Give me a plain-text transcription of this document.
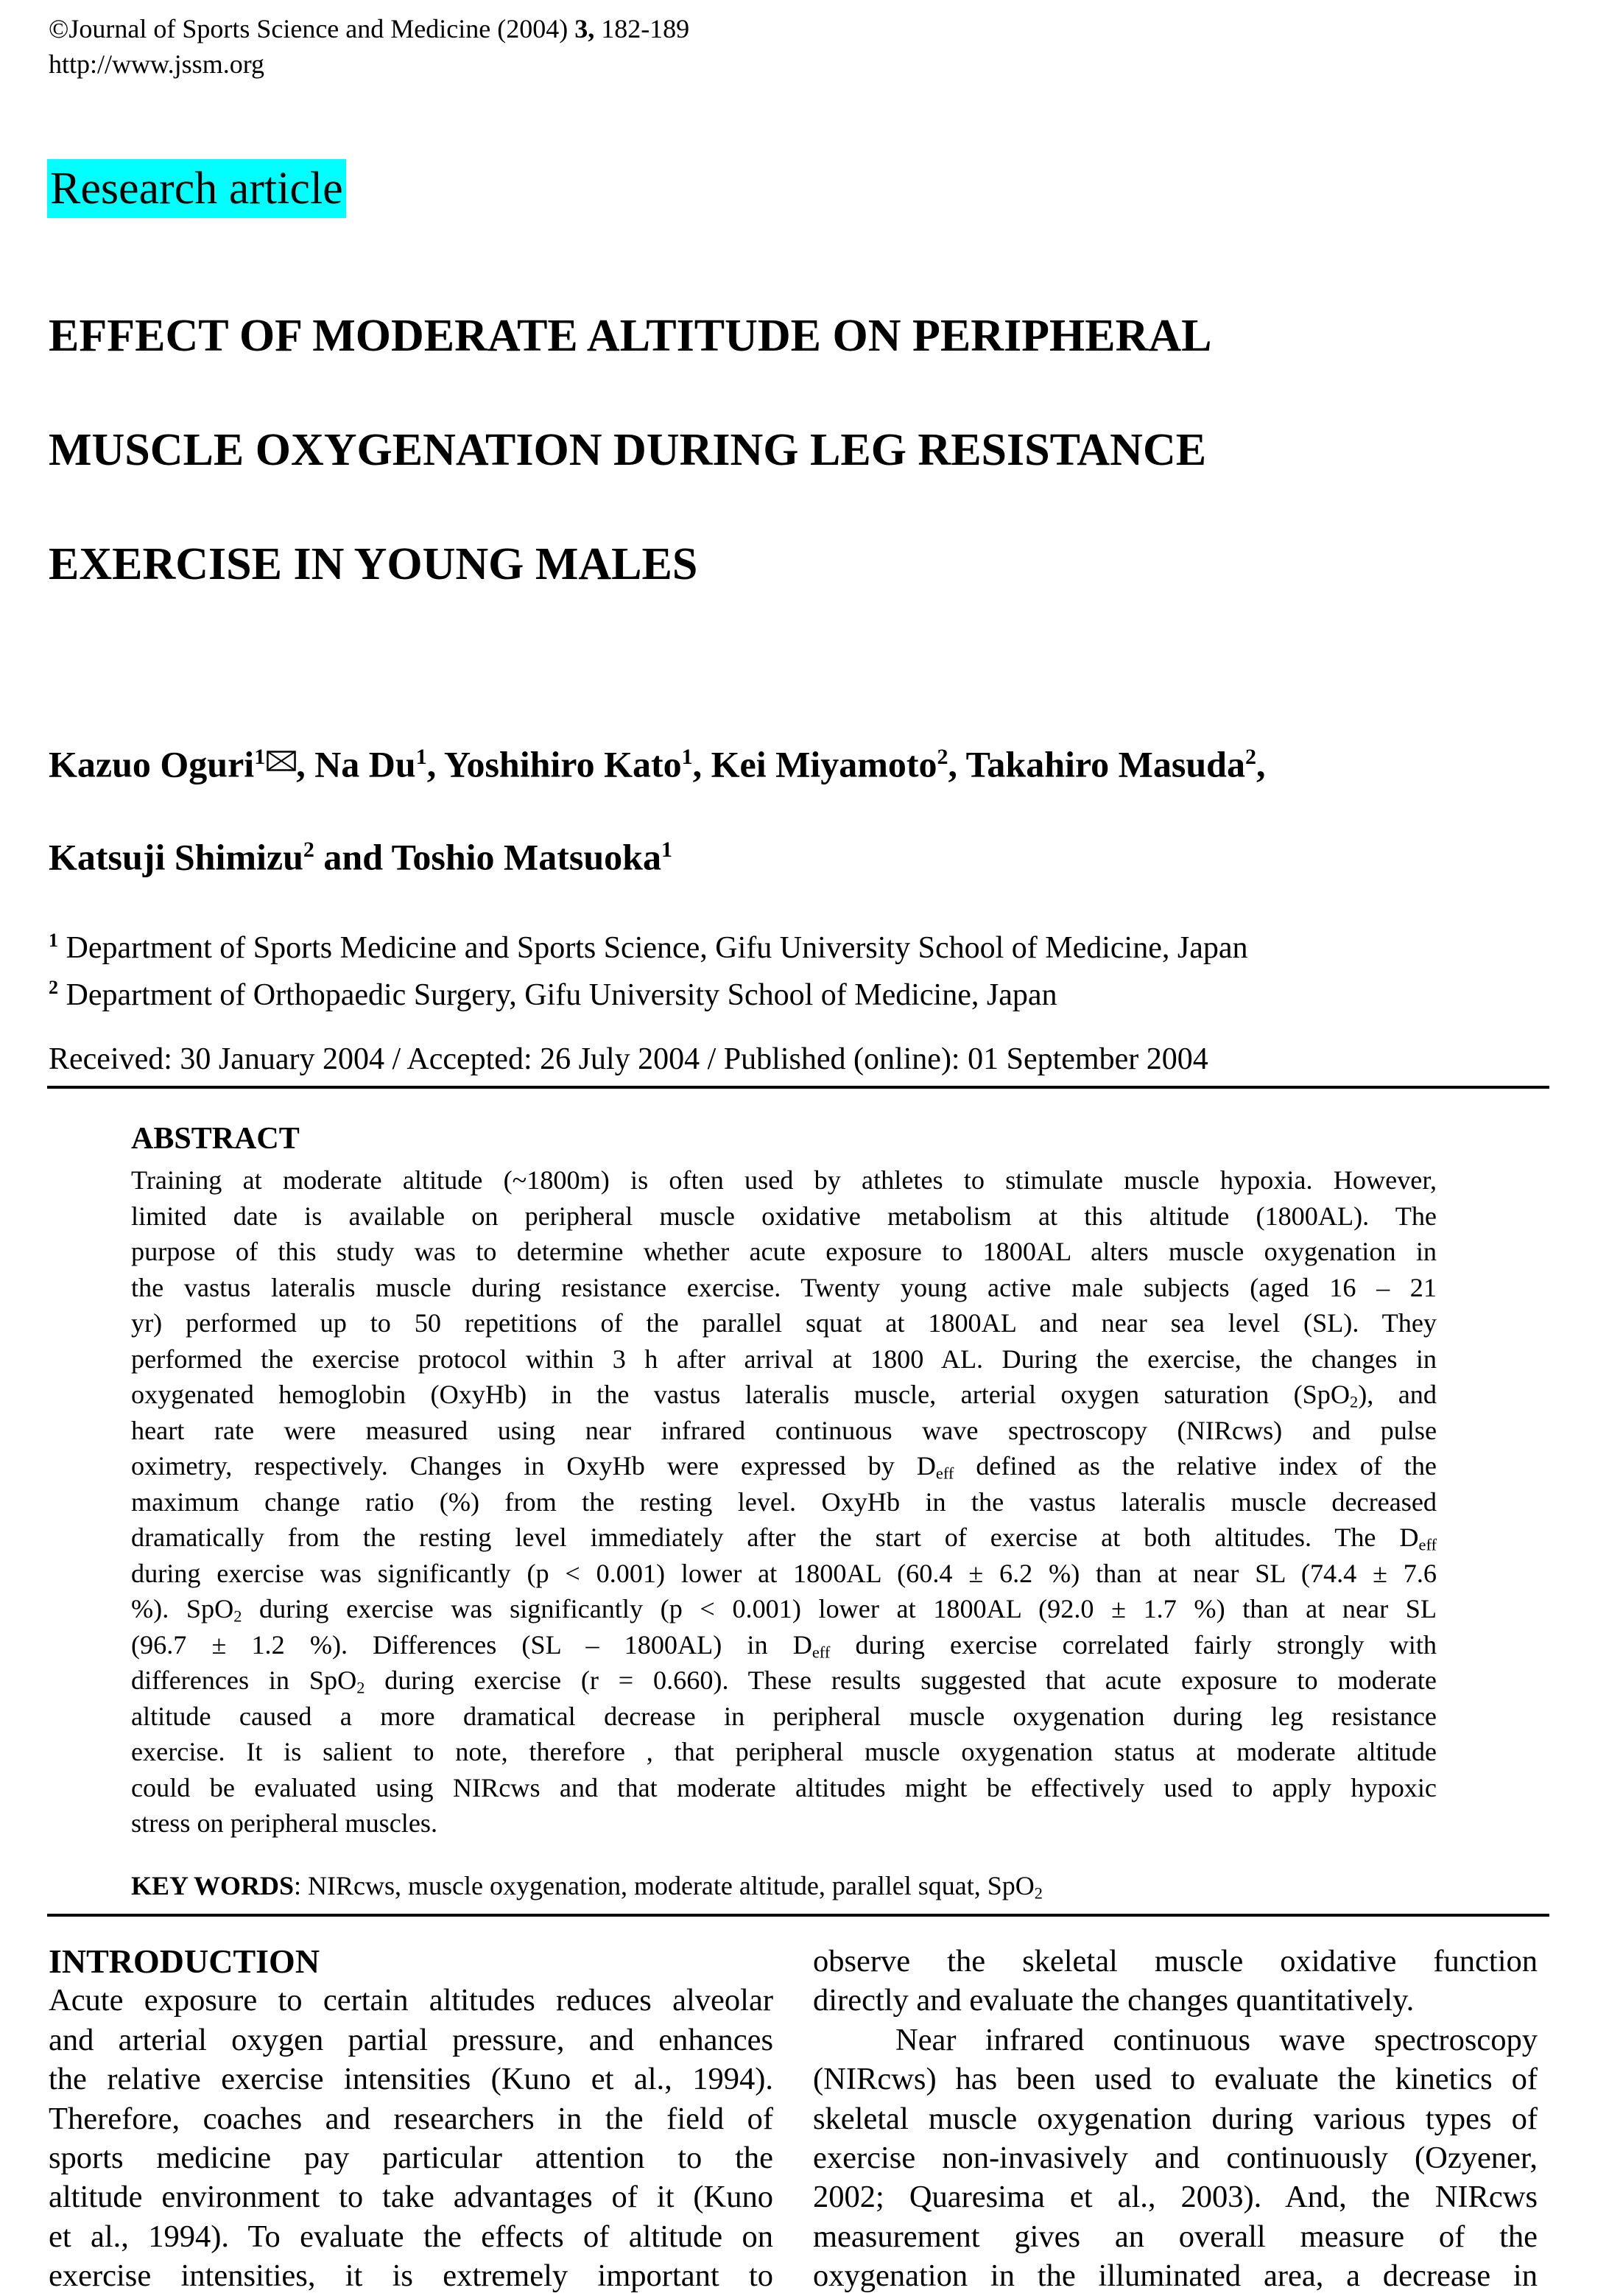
©Journal of Sports Science and Medicine (2004) 3, 182-189
http://www.jssm.org
Research article
EFFECT OF MODERATE ALTITUDE ON PERIPHERAL
MUSCLE OXYGENATION DURING LEG RESISTANCE
EXERCISE IN YOUNG MALES
Kazuo Oguri$^1$ , Na Du$^1$, Yoshihiro Kato$^1$, Kei Miyamoto$^2$, Takahiro Masuda$^2$,
Katsuji Shimizu$^2$ and Toshio Matsuoka$^1$
$^1$ Department of Sports Medicine and Sports Science, Gifu University School of Medicine, Japan
$^2$ Department of Orthopaedic Surgery, Gifu University School of Medicine, Japan
Received: 30 January 2004 / Accepted: 26 July 2004 / Published (online): 01 September 2004
ABSTRACT
Training at moderate altitude (~1800m) is often used by athletes to stimulate muscle hypoxia. However,
limited date is available on peripheral muscle oxidative metabolism at this altitude (1800AL). The
purpose of this study was to determine whether acute exposure to 1800AL alters muscle oxygenation in
the vastus lateralis muscle during resistance exercise. Twenty young active male subjects (aged 16 – 21
yr) performed up to 50 repetitions of the parallel squat at 1800AL and near sea level (SL). They
performed the exercise protocol within 3 h after arrival at 1800 AL. During the exercise, the changes in
oxygenated hemoglobin (OxyHb) in the vastus lateralis muscle, arterial oxygen saturation (SpO$_2$), and
heart rate were measured using near infrared continuous wave spectroscopy (NIRcws) and pulse
oximetry, respectively. Changes in OxyHb were expressed by $D_{eff}$ defined as the relative index of the
maximum change ratio (%) from the resting level. OxyHb in the vastus lateralis muscle decreased
dramatically from the resting level immediately after the start of exercise at both altitudes. The $D_{eff}$
during exercise was significantly (p < 0.001) lower at 1800AL (60.4 ± 6.2 %) than at near SL (74.4 ± 7.6
%). SpO$_2$ during exercise was significantly (p < 0.001) lower at 1800AL (92.0 ± 1.7 %) than at near SL
(96.7 ± 1.2 %). Differences (SL – 1800AL) in $D_{eff}$ during exercise correlated fairly strongly with
differences in SpO$_2$ during exercise (r = 0.660). These results suggested that acute exposure to moderate
altitude caused a more dramatical decrease in peripheral muscle oxygenation during leg resistance
exercise. It is salient to note, therefore , that peripheral muscle oxygenation status at moderate altitude
could be evaluated using NIRcws and that moderate altitudes might be effectively used to apply hypoxic
stress on peripheral muscles.
KEY WORDS: NIRcws, muscle oxygenation, moderate altitude, parallel squat, SpO$_2$
INTRODUCTION
Acute exposure to certain altitudes reduces alveolar
and arterial oxygen partial pressure, and enhances
the relative exercise intensities (Kuno et al., 1994).
Therefore, coaches and researchers in the field of
sports medicine pay particular attention to the
altitude environment to take advantages of it (Kuno
et al., 1994). To evaluate the effects of altitude on
exercise intensities, it is extremely important to
observe the skeletal muscle oxidative function
directly and evaluate the changes quantitatively.
Near infrared continuous wave spectroscopy
(NIRcws) has been used to evaluate the kinetics of
skeletal muscle oxygenation during various types of
exercise non-invasively and continuously (Ozyener,
2002; Quaresima et al., 2003). And, the NIRcws
measurement gives an overall measure of the
oxygenation in the illuminated area, a decrease in
